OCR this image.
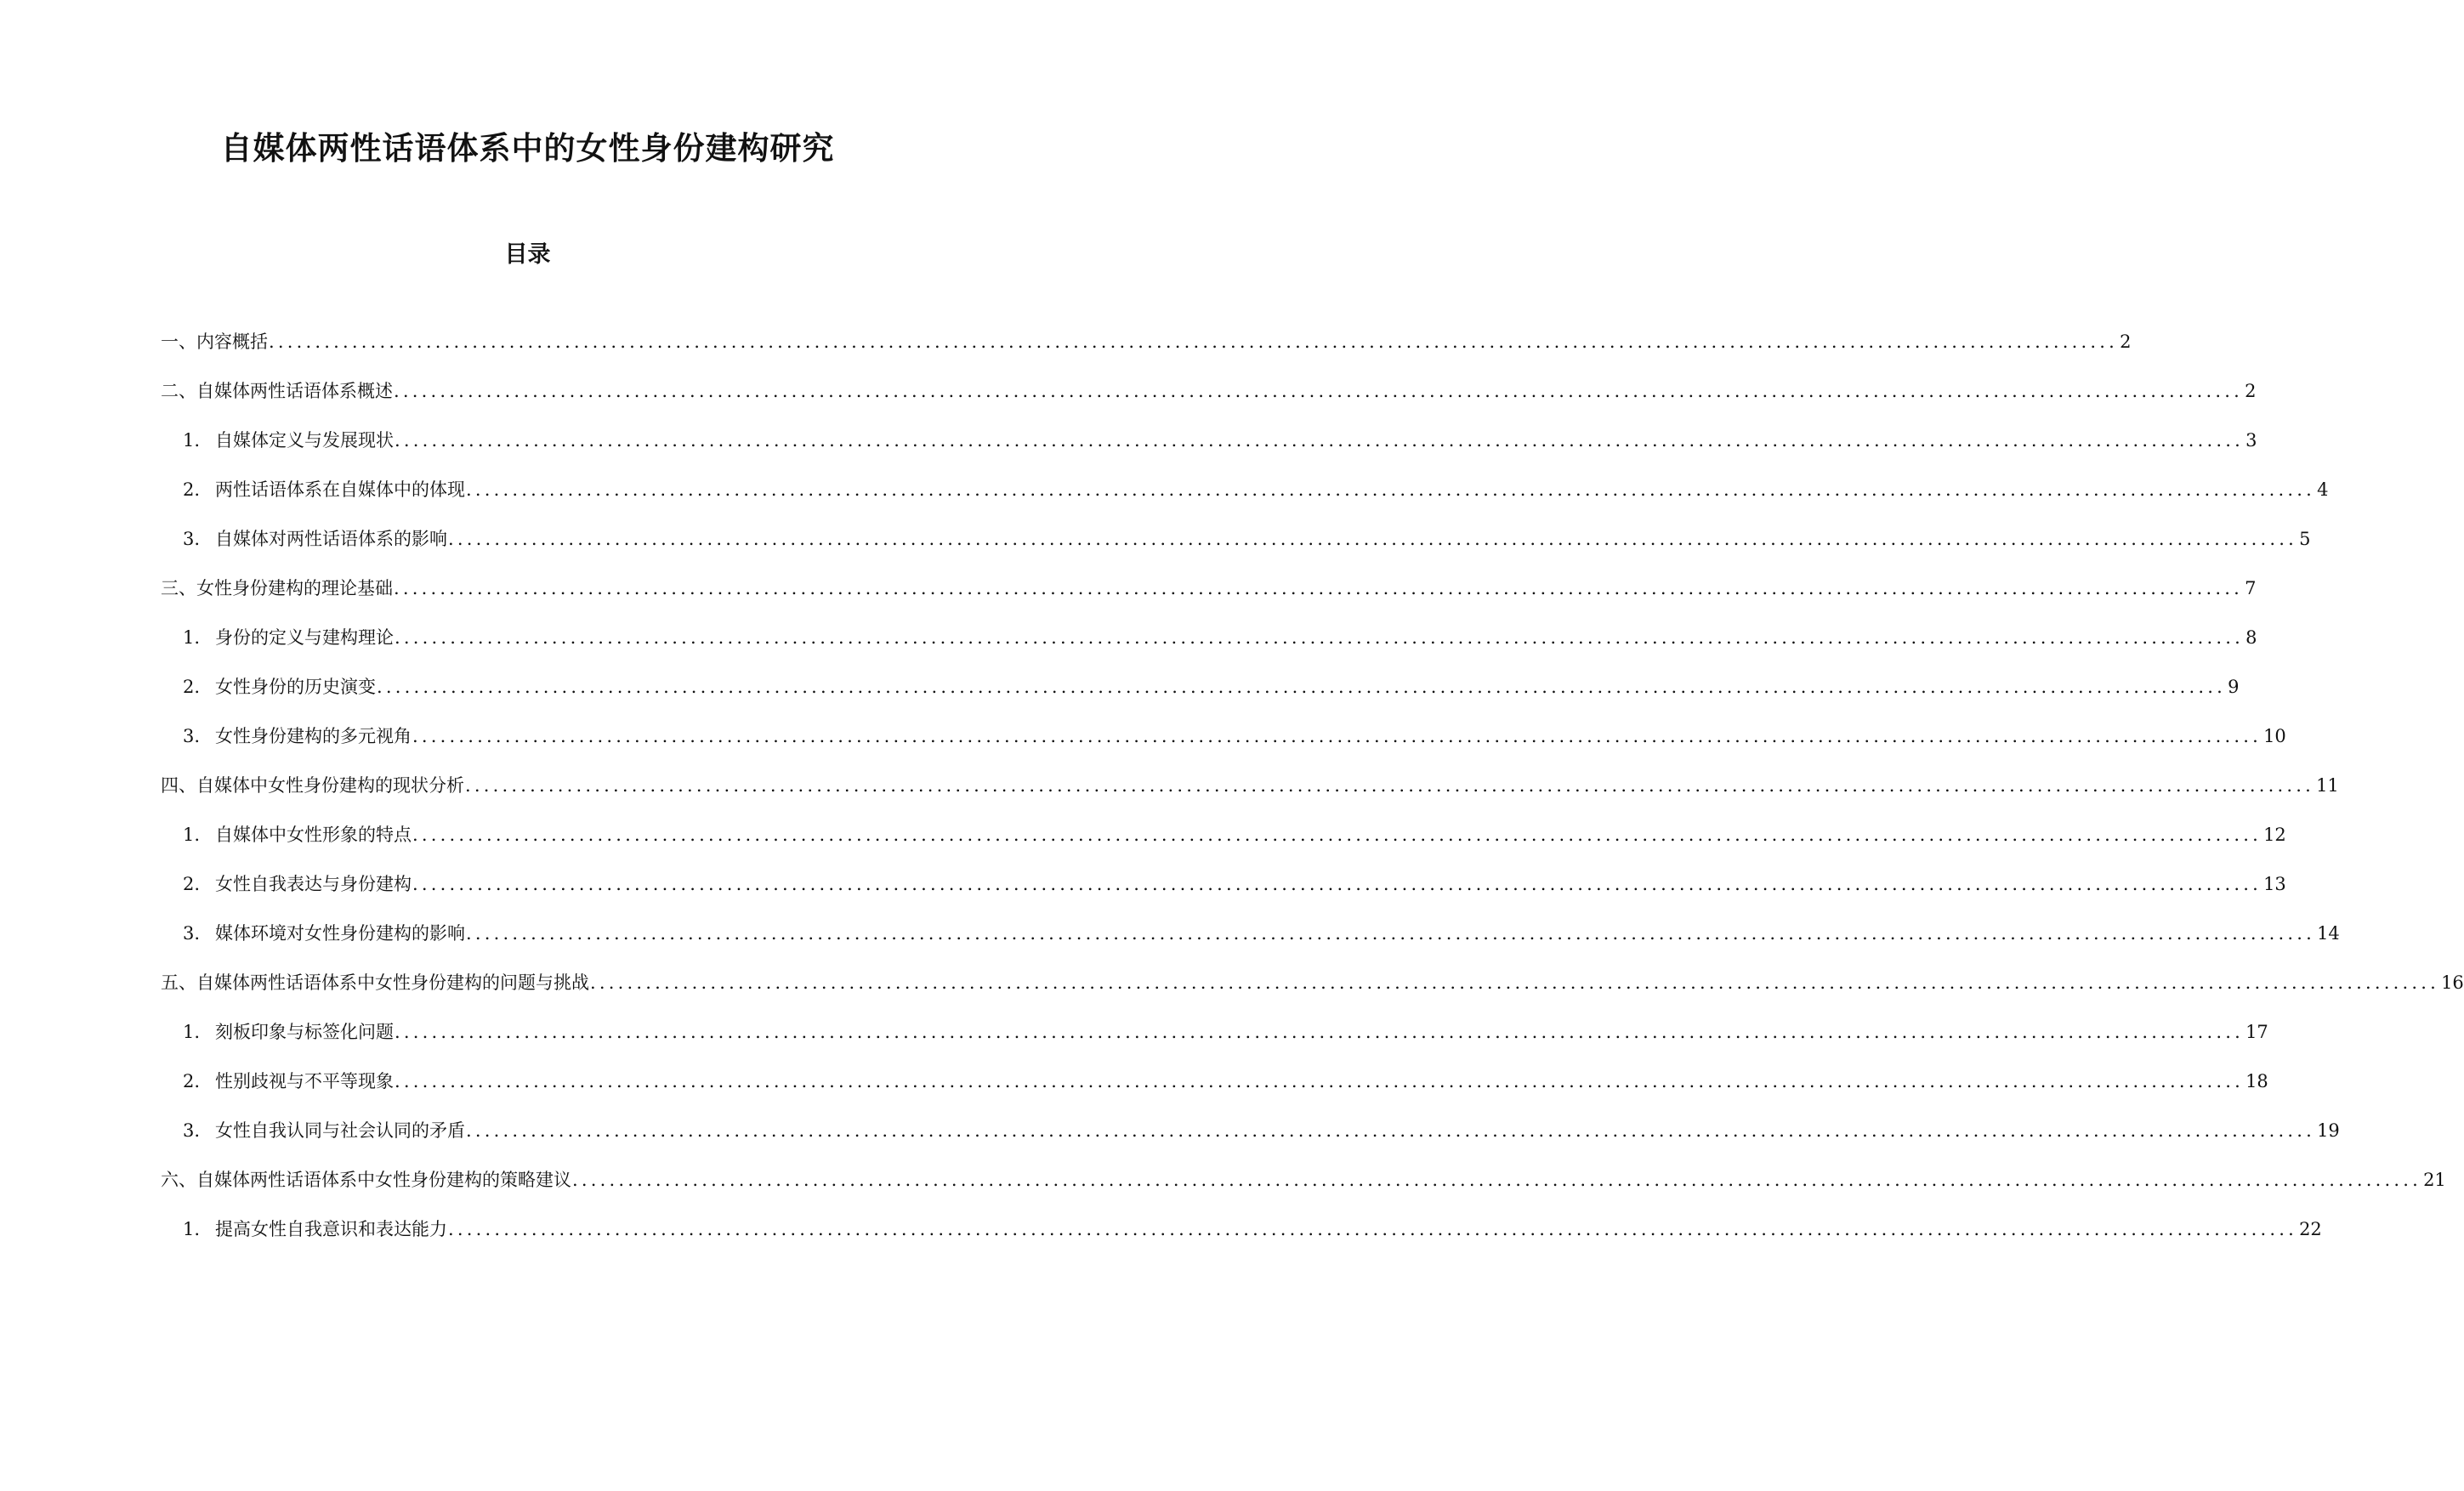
自媒体两性话语体系中的女性身份建构研究
目录
一、内容概括 ........................................................................................................................................................................................................ 2
二、自媒体两性话语体系概述 ........................................................................................................................................................................................................ 2
1. 自媒体定义与发展现状 ........................................................................................................................................................................................................ 3
2. 两性话语体系在自媒体中的体现 ........................................................................................................................................................................................................ 4
3. 自媒体对两性话语体系的影响 ........................................................................................................................................................................................................ 5
三、女性身份建构的理论基础 ........................................................................................................................................................................................................ 7
1. 身份的定义与建构理论 ........................................................................................................................................................................................................ 8
2. 女性身份的历史演变 ........................................................................................................................................................................................................ 9
3. 女性身份建构的多元视角 ........................................................................................................................................................................................................ 10
四、自媒体中女性身份建构的现状分析 ........................................................................................................................................................................................................ 11
1. 自媒体中女性形象的特点 ........................................................................................................................................................................................................ 12
2. 女性自我表达与身份建构 ........................................................................................................................................................................................................ 13
3. 媒体环境对女性身份建构的影响 ........................................................................................................................................................................................................ 14
五、自媒体两性话语体系中女性身份建构的问题与挑战 ........................................................................................................................................................................................................ 16
1. 刻板印象与标签化问题 ........................................................................................................................................................................................................ 17
2. 性别歧视与不平等现象 ........................................................................................................................................................................................................ 18
3. 女性自我认同与社会认同的矛盾 ........................................................................................................................................................................................................ 19
六、自媒体两性话语体系中女性身份建构的策略建议 ........................................................................................................................................................................................................ 21
1. 提高女性自我意识和表达能力 ........................................................................................................................................................................................................ 22
